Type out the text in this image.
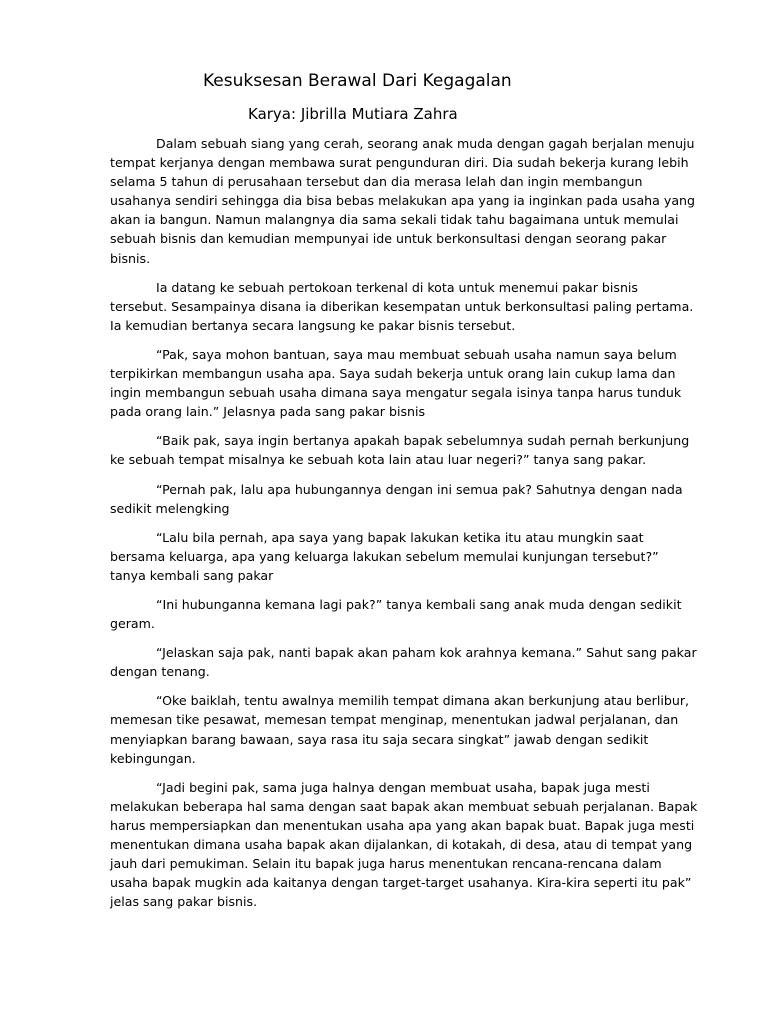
Kesuksesan Berawal Dari Kegagalan
Karya: Jibrilla Mutiara Zahra

Dalam sebuah siang yang cerah, seorang anak muda dengan gagah berjalan menuju tempat kerjanya dengan membawa surat pengunduran diri. Dia sudah bekerja kurang lebih selama 5 tahun di perusahaan tersebut dan dia merasa lelah dan ingin membangun usahanya sendiri sehingga dia bisa bebas melakukan apa yang ia inginkan pada usaha yang akan ia bangun. Namun malangnya dia sama sekali tidak tahu bagaimana untuk memulai sebuah bisnis dan kemudian mempunyai ide untuk berkonsultasi dengan seorang pakar bisnis.

Ia datang ke sebuah pertokoan terkenal di kota untuk menemui pakar bisnis tersebut. Sesampainya disana ia diberikan kesempatan untuk berkonsultasi paling pertama. Ia kemudian bertanya secara langsung ke pakar bisnis tersebut.

“Pak, saya mohon bantuan, saya mau membuat sebuah usaha namun saya belum terpikirkan membangun usaha apa. Saya sudah bekerja untuk orang lain cukup lama dan ingin membangun sebuah usaha dimana saya mengatur segala isinya tanpa harus tunduk pada orang lain.” Jelasnya pada sang pakar bisnis

“Baik pak, saya ingin bertanya apakah bapak sebelumnya sudah pernah berkunjung ke sebuah tempat misalnya ke sebuah kota lain atau luar negeri?” tanya sang pakar.

“Pernah pak, lalu apa hubungannya dengan ini semua pak? Sahutnya dengan nada sedikit melengking

“Lalu bila pernah, apa saya yang bapak lakukan ketika itu atau mungkin saat bersama keluarga, apa yang keluarga lakukan sebelum memulai kunjungan tersebut?” tanya kembali sang pakar

“Ini hubunganna kemana lagi pak?” tanya kembali sang anak muda dengan sedikit geram.

“Jelaskan saja pak, nanti bapak akan paham kok arahnya kemana.” Sahut sang pakar dengan tenang.

“Oke baiklah, tentu awalnya memilih tempat dimana akan berkunjung atau berlibur, memesan tike pesawat, memesan tempat menginap, menentukan jadwal perjalanan, dan menyiapkan barang bawaan, saya rasa itu saja secara singkat” jawab dengan sedikit kebingungan.

“Jadi begini pak, sama juga halnya dengan membuat usaha, bapak juga mesti melakukan beberapa hal sama dengan saat bapak akan membuat sebuah perjalanan. Bapak harus mempersiapkan dan menentukan usaha apa yang akan bapak buat. Bapak juga mesti menentukan dimana usaha bapak akan dijalankan, di kotakah, di desa, atau di tempat yang jauh dari pemukiman. Selain itu bapak juga harus menentukan rencana-rencana dalam usaha bapak mugkin ada kaitanya dengan target-target usahanya. Kira-kira seperti itu pak” jelas sang pakar bisnis.
